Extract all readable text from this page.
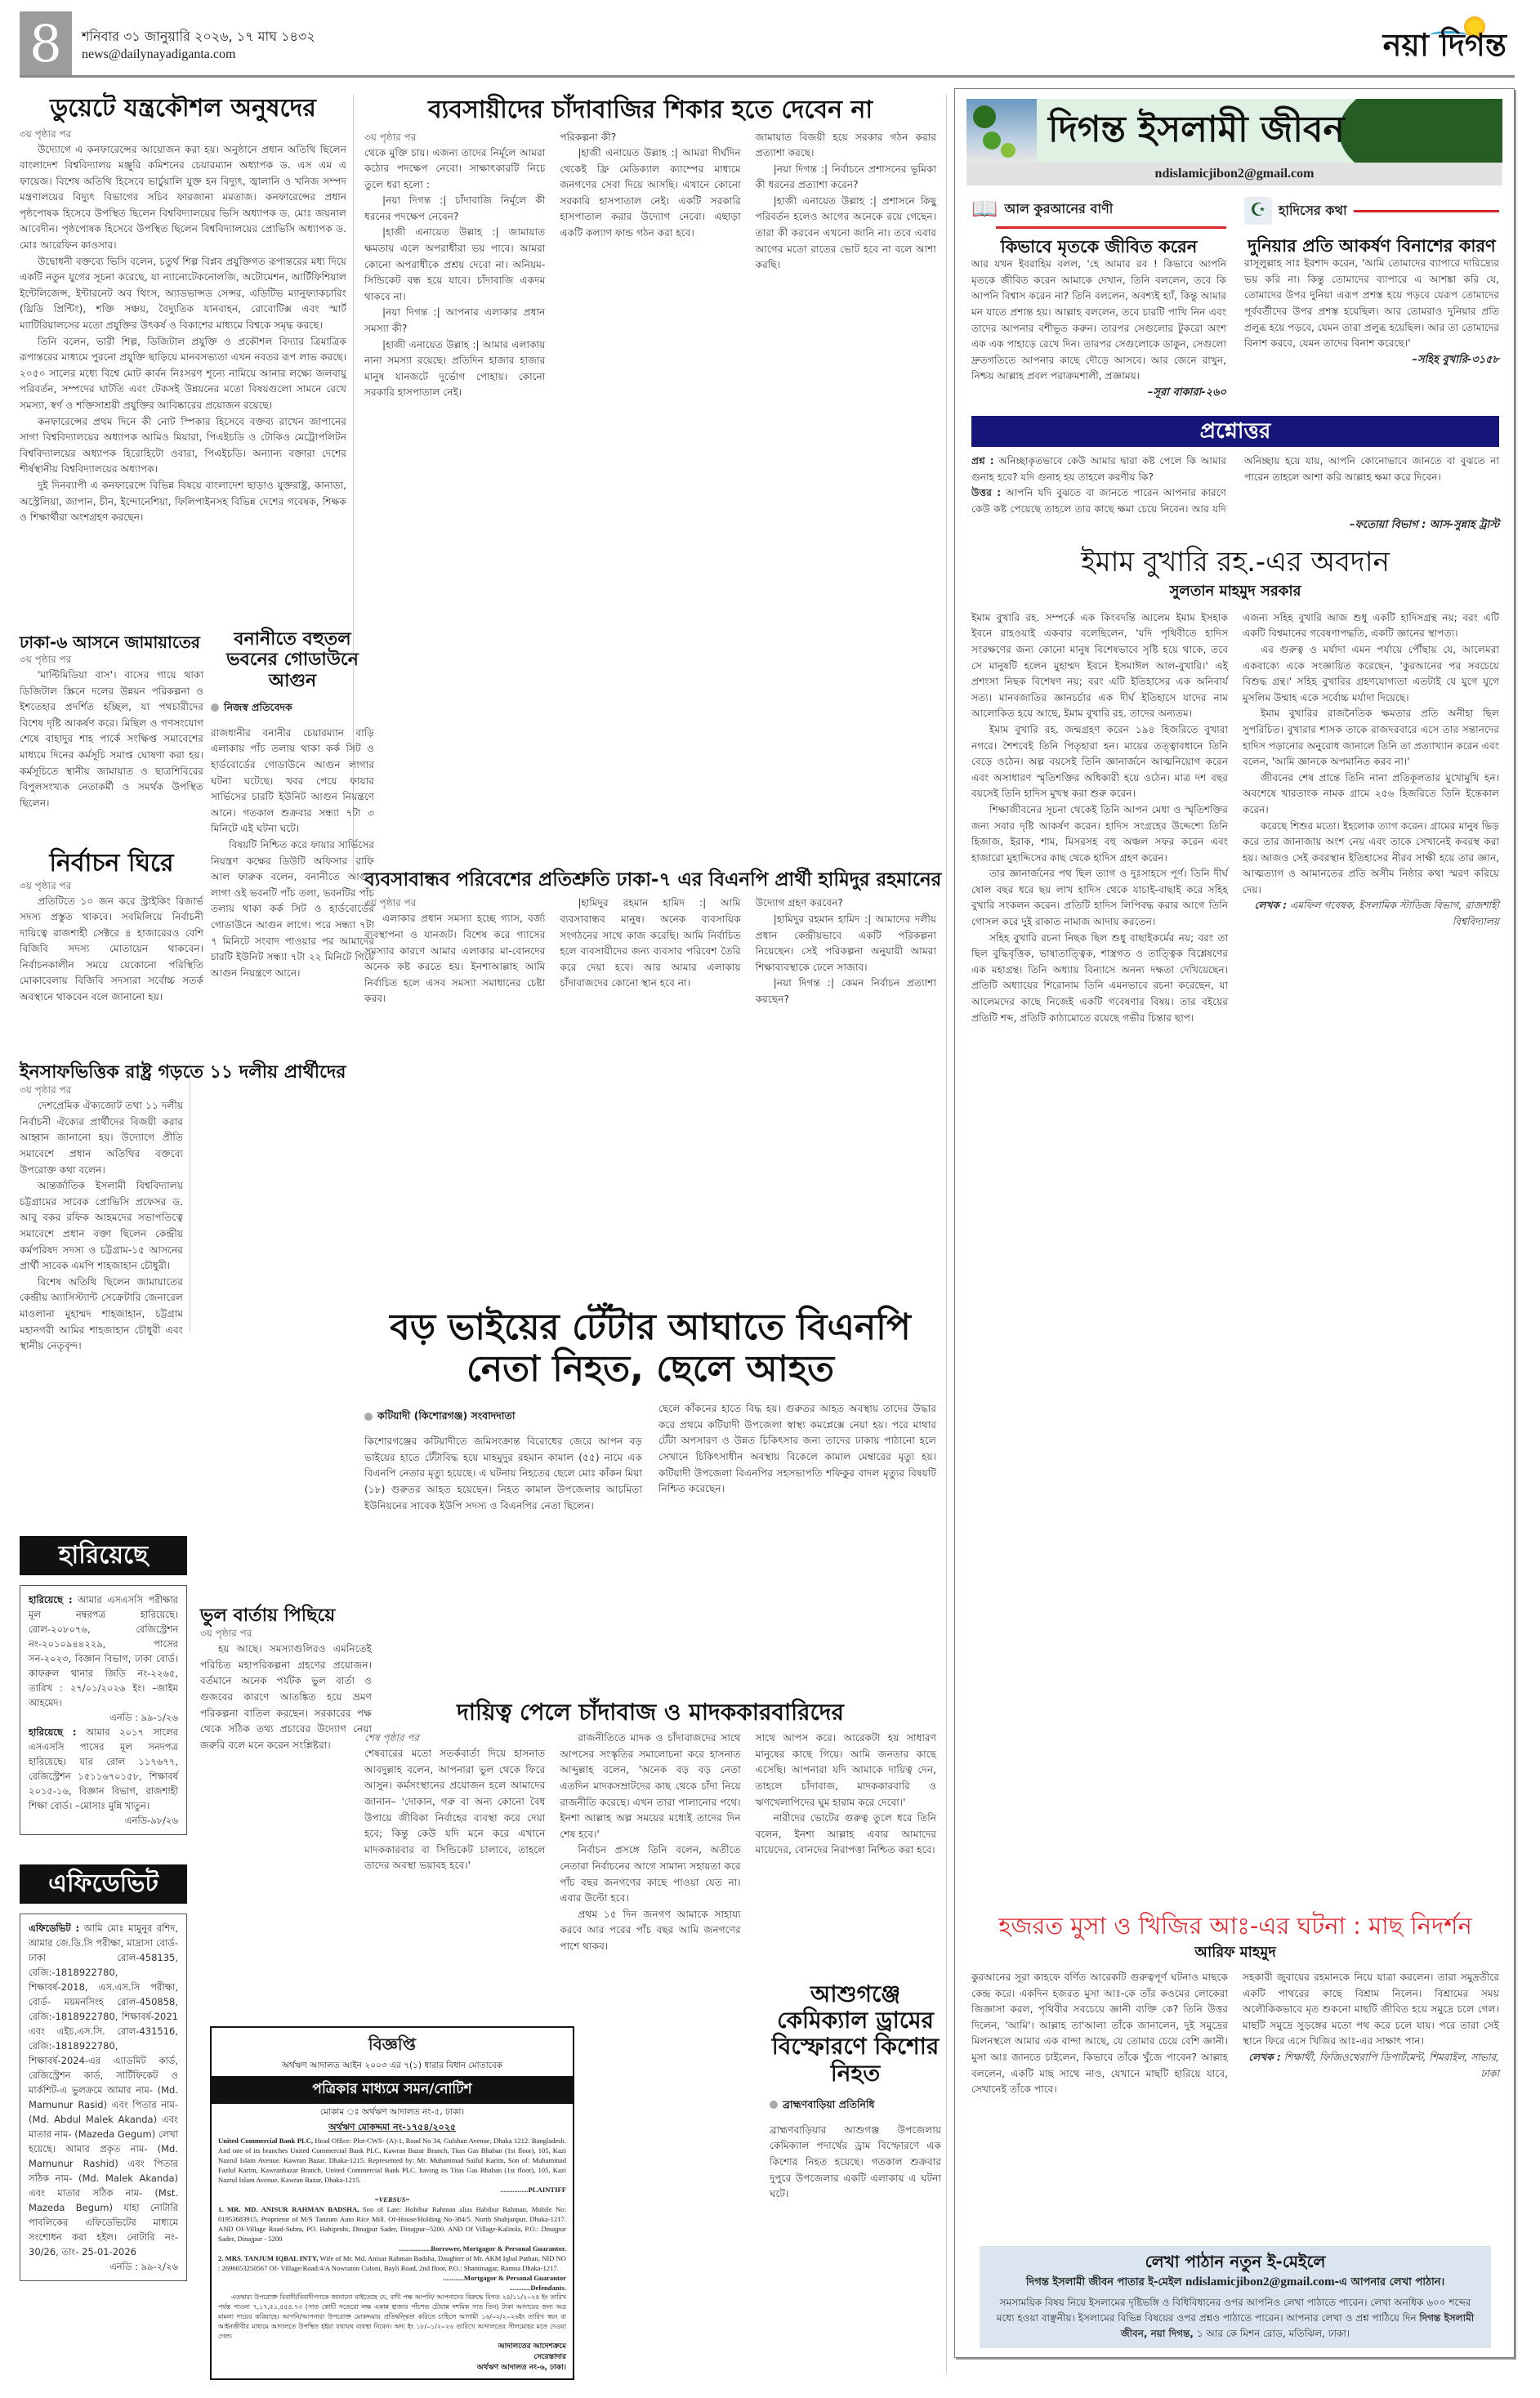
8	শনিবার ৩১ জানুয়ারি ২০২৬, ১৭ মাঘ ১৪৩২
news@dailynayadiganta.com	নয়া দিগন্ত
ডুয়েটে যন্ত্রকৌশল অনুষদের
৩য় পৃষ্ঠার পর

উদ্যোগে এ কনফারেন্সের আয়োজন করা হয়। অনুষ্ঠানে প্রধান অতিথি ছিলেন বাংলাদেশ বিশ্ববিদ্যালয় মঞ্জুরি কমিশনের চেয়ারম্যান অধ্যাপক ড. এস এম এ ফায়েজ। বিশেষ অতিথি হিসেবে ভার্চুয়ালি যুক্ত হন বিদ্যুৎ, জ্বালানি ও খনিজ সম্পদ মন্ত্রণালয়ের বিদ্যুৎ বিভাগের সচিব ফারজানা মমতাজ। কনফারেন্সের প্রধান পৃষ্ঠপোষক হিসেবে উপস্থিত ছিলেন বিশ্ববিদ্যালয়ের ভিসি অধ্যাপক ড. মোঃ জয়নাল আবেদীন। পৃষ্ঠপোষক হিসেবে উপস্থিত ছিলেন বিশ্ববিদ্যালয়ের প্রোভিসি অধ্যাপক ড. মোঃ আরেফিন কাওসার।

উদ্বোধনী বক্তব্যে ভিসি বলেন, চতুর্থ শিল্প বিপ্লব প্রযুক্তিগত রূপান্তরের মধ্য দিয়ে একটি নতুন যুগের সূচনা করেছে, যা ন্যানোটেকনোলজি, অটোমেশন, আর্টিফিশিয়াল ইন্টেলিজেন্স, ইন্টারনেট অব থিংস, অ্যাডভান্সড সেন্সর, এডিটিভ ম্যানুফ্যাকচারিং (থ্রিডি প্রিন্টিং), শক্তি সঞ্চয়, বৈদ্যুতিক যানবাহন, রোবোটিক্স এবং স্মার্ট ম্যাটিরিয়ালসের মতো প্রযুক্তির উৎকর্ষ ও বিকাশের মাধ্যমে বিশ্বকে সমৃদ্ধ করছে।

তিনি বলেন, ভারী শিল্প, ডিজিটাল প্রযুক্তি ও প্রকৌশল বিদ্যার ত্রিমাত্রিক রূপান্তরের মাধ্যমে পুরনো প্রযুক্তি ছাড়িয়ে মানবসভ্যতা এখন নবতর রূপ লাভ করছে। ২০৫০ সালের মধ্যে বিশ্বে মোট কার্বন নিঃসরণ শূন্যে নামিয়ে আনার লক্ষ্যে জলবায়ু পরিবর্তন, সম্পদের ঘাটতি এবং টেকসই উন্নয়নের মতো বিষয়গুলো সামনে রেখে সমস্যা, স্বর্ণ ও শক্তিসাশ্রয়ী প্রযুক্তির আবিষ্কারের প্রয়োজন রয়েছে।

কনফারেন্সের প্রথম দিনে কী নোট স্পিকার হিসেবে বক্তব্য রাখেন জাপানের সাগা বিশ্ববিদ্যালয়ের অধ্যাপক আমিও মিয়ারা, পিএইচডি ও টোকিও মেট্রোপলিটন বিশ্ববিদ্যালয়ের অধ্যাপক হিরোহিটো ওবারা, পিএইচডি। অন্যান্য বক্তারা দেশের শীর্ষস্থানীয় বিশ্ববিদ্যালয়ের অধ্যাপক।

দুই দিনব্যাপী এ কনফারেন্সে বিভিন্ন বিষয়ে বাংলাদেশ ছাড়াও যুক্তরাষ্ট্র, কানাডা, অস্ট্রেলিয়া, জাপান, চীন, ইন্দোনেশিয়া, ফিলিপাইনসহ বিভিন্ন দেশের গবেষক, শিক্ষক ও শিক্ষার্থীরা অংশগ্রহণ করছেন।

ঢাকা-৬ আসনে জামায়াতের
৩য় পৃষ্ঠার পর

'মাল্টিমিডিয়া বাস'। বাসের গায়ে থাকা ডিজিটাল স্ক্রিনে দলের উন্নয়ন পরিকল্পনা ও ইশতেহার প্রদর্শিত হচ্ছিল, যা পথচারীদের বিশেষ দৃষ্টি আকর্ষণ করে। মিছিল ও গণসংযোগ শেষে বাহাদুর শাহ পার্কে সংক্ষিপ্ত সমাবেশের মাধ্যমে দিনের কর্মসূচি সমাপ্ত ঘোষণা করা হয়। কর্মসূচিতে স্থানীয় জামায়াত ও ছাত্রশিবিরের বিপুলসংখ্যক নেতাকর্মী ও সমর্থক উপস্থিত ছিলেন।

বনানীতে বহুতল ভবনের গোডাউনে আগুন
নিজস্ব প্রতিবেদক

রাজধানীর বনানীর চেয়ারম্যান বাড়ি এলাকায় পাঁচ তলায় থাকা কর্ক সিট ও হার্ডবোর্ডের গোডাউনে আগুন লাগার ঘটনা ঘটেছে। খবর পেয়ে ফায়ার সার্ভিসের চারটি ইউনিট আগুন নিয়ন্ত্রণে আনে। গতকাল শুক্রবার সন্ধ্যা ৭টা ৩ মিনিটে এই ঘটনা ঘটে।

বিষয়টি নিশ্চিত করে ফায়ার সার্ভিসের নিয়ন্ত্রণ কক্ষের ডিউটি অফিসার রাফি আল ফারুক বলেন, বনানীতে আগুন লাগা ওই ভবনটি পাঁচ তলা, ভবনটির পাঁচ তলায় থাকা কর্ক সিট ও হার্ডবোর্ডের গোডাউনে আগুন লাগে। পরে সন্ধ্যা ৭টা ৭ মিনিটে সংবাদ পাওয়ার পর আমাদের চারটি ইউনিট সন্ধ্যা ৭টা ২২ মিনিটে গিয়ে আগুন নিয়ন্ত্রণে আনে।

নির্বাচন ঘিরে
৩য় পৃষ্ঠার পর

প্রতিটিতে ১০ জন করে স্ট্রাইকিং রিজার্ভ সদস্য প্রস্তুত থাকবে। সবমিলিয়ে নির্বাচনী দায়িত্বে রাজশাহী সেক্টরে ৪ হাজারেরও বেশি বিজিবি সদস্য মোতায়েন থাকবেন। নির্বাচনকালীন সময়ে যেকোনো পরিস্থিতি মোকাবেলায় বিজিবি সদস্যরা সর্বোচ্চ সতর্ক অবস্থানে থাকবেন বলে জানানো হয়।

ইনসাফভিত্তিক রাষ্ট্র গড়তে ১১ দলীয় প্রার্থীদের
৩য় পৃষ্ঠার পর

দেশপ্রেমিক ঐক্যজোট তথা ১১ দলীয় নির্বাচনী ঐক্যের প্রার্থীদের বিজয়ী করার আহ্বান জানানো হয়। উদ্যোগে প্রীতি সমাবেশে প্রধান অতিথির বক্তব্যে উপরোক্ত কথা বলেন।

আন্তর্জাতিক ইসলামী বিশ্ববিদ্যালয় চট্টগ্রামের সাবেক প্রোভিসি প্রফেসর ড. আবু বকর রফিক আহমদের সভাপতিত্বে সমাবেশে প্রধান বক্তা ছিলেন কেন্দ্রীয় কর্মপরিষদ সদস্য ও চট্টগ্রাম-১৫ আসনের প্রার্থী সাবেক এমপি শাহজাহান চৌধুরী।

বিশেষ অতিথি ছিলেন জামায়াতের কেন্দ্রীয় অ্যাসিস্ট্যান্ট সেক্রেটারি জেনারেল মাওলানা মুহাম্মদ শাহজাহান, চট্টগ্রাম মহানগরী আমির শাহজাহান চৌধুরী এবং স্থানীয় নেতৃবৃন্দ।

হারিয়েছে
হারিয়েছে : আমার এসএসসি পরীক্ষার মূল নম্বরপত্র হারিয়েছে। রোল-২০৮০৭৬, রেজিস্ট্রেশন নং-২০১০৯৪৪২২৯, পাসের সন-২০২৩, বিজ্ঞান বিভাগ, ঢাকা বোর্ড। কাফরুল থানার জিডি নং-২২৬৫, তারিখ : ২৭/০১/২০২৬ ইং। –জাইম আহমেদ।
এনডি : ৯৯-১/২৬
হারিয়েছে : আমার ২০১৭ সালের এসএসসি পাসের মূল সনদপত্র হারিয়েছে। যার রোল ১১৭৬৭৭, রেজিস্ট্রেশন ১৫১১৬৭০১৫৮, শিক্ষাবর্ষ ২০১৫-১৬, বিজ্ঞান বিভাগ, রাজশাহী শিক্ষা বোর্ড। –মোসাঃ মুন্নি খাতুন।
এনডি-৯৮/২৬
এফিডেভিট
এফিডেভিট : আমি মোঃ মামুনুর রশিদ, আমার জে.ডি.সি পরীক্ষা, মাদ্রাসা বোর্ড-ঢাকা রোল-458135, রেজি:-1818922780, শিক্ষাবর্ষ-2018, এস.এস.সি পরীক্ষা, বোর্ড- ময়মনসিংহ রোল-450858, রেজি:-1818922780, শিক্ষাবর্ষ-2021 এবং এইচ.এস.সি. রোল-431516, রেজি:-1818922780, শিক্ষাবর্ষ-2024-এর এ্যাডমিট কার্ড, রেজিস্ট্রেশন কার্ড, সার্টিফিকেট ও মার্কশিট-এ ভুলক্রমে আমার নাম- (Md. Mamunur Rasid) এবং পিতার নাম- (Md. Abdul Malek Akanda) এবং মাতার নাম- (Mazeda Gegum) লেখা হয়েছে। আমার প্রকৃত নাম- (Md. Mamunur Rashid) এবং পিতার সঠিক নাম- (Md. Malek Akanda) এবং মাতার সঠিক নাম- (Mst. Mazeda Begum) যাহা নোটারি পাবলিকের এফিডেভিটের মাধ্যমে সংশোধন করা হইল। নোটারি নং- 30/26, তাং- 25-01-2026
এনডি : ৯৯-২/২৬
ভুল বার্তায় পিছিয়ে
৩য় পৃষ্ঠার পর

হয় আছে। সমস্যাগুলিরও এমনিতেই পরিচিত মহাপরিকল্পনা গ্রহণের প্রয়োজন। বর্তমানে অনেক পর্যটক ভুল বার্তা ও গুজবের কারণে আতঙ্কিত হয়ে ভ্রমণ পরিকল্পনা বাতিল করছেন। সরকারের পক্ষ থেকে সঠিক তথ্য প্রচারের উদ্যোগ নেয়া জরুরি বলে মনে করেন সংশ্লিষ্টরা।

ব্যবসায়ীদের চাঁদাবাজির শিকার হতে দেবেন না
৩য় পৃষ্ঠার পর

থেকে মুক্তি চায়। এজন্য তাদের নির্মূলে আমরা কঠোর পদক্ষেপ নেবো। সাক্ষাৎকারটি নিচে তুলে ধরা হলো :

|নয়া দিগন্ত :| চাঁদাবাজি নির্মূলে কী ধরনের পদক্ষেপ নেবেন?

|হাজী এনায়েত উল্লাহ :| জামায়াত ক্ষমতায় এলে অপরাধীরা ভয় পাবে। আমরা কোনো অপরাধীকে প্রশ্রয় দেবো না। অনিয়ম-সিন্ডিকেট বন্ধ হয়ে যাবে। চাঁদাবাজি একদম থাকবে না।

|নয়া দিগন্ত :| আপনার এলাকার প্রধান সমস্যা কী?

|হাজী এনায়েত উল্লাহ :| আমার এলাকায় নানা সমস্যা রয়েছে। প্রতিদিন হাজার হাজার মানুষ যানজটে দুর্ভোগ পোহায়। কোনো সরকারি হাসপাতাল নেই।

পরিকল্পনা কী?

|হাজী এনায়েত উল্লাহ :| আমরা দীর্ঘদিন থেকেই ফ্রি মেডিক্যাল ক্যাম্পের মাধ্যমে জনগণের সেবা দিয়ে আসছি। এখানে কোনো সরকারি হাসপাতাল নেই। একটি সরকারি হাসপাতাল করার উদ্যোগ নেবো। এছাড়া একটি কল্যাণ ফান্ড গঠন করা হবে।

জামায়াত বিজয়ী হয়ে সরকার গঠন করার প্রত্যাশা করছে।

|নয়া দিগন্ত :| নির্বাচনে প্রশাসনের ভূমিকা কী ধরনের প্রত্যাশা করেন?

|হাজী এনায়েত উল্লাহ :| প্রশাসনে কিছু পরিবর্তন হলেও আগের অনেকে রয়ে গেছেন। তারা কী করবেন এখনো জানি না। তবে এবার আগের মতো রাতের ভোট হবে না বলে আশা করছি।

ব্যবসাবান্ধব পরিবেশের প্রতিশ্রুতি ঢাকা-৭ এর বিএনপি প্রার্থী হামিদুর রহমানের
৩য় পৃষ্ঠার পর

এলাকার প্রধান সমস্যা হচ্ছে গ্যাস, বর্জ্য ব্যবস্থাপনা ও যানজট। বিশেষ করে গ্যাসের সমস্যার কারণে আমার এলাকার মা-বোনদের অনেক কষ্ট করতে হয়। ইনশাআল্লাহ আমি নির্বাচিত হলে এসব সমস্যা সমাধানের চেষ্টা করব।

|হামিদুর রহমান হামিদ :| আমি ব্যবসাবান্ধব মানুষ। অনেক ব্যবসায়িক সংগঠনের সাথে কাজ করেছি। আমি নির্বাচিত হলে ব্যবসায়ীদের জন্য ব্যবসার পরিবেশ তৈরি করে দেয়া হবে। আর আমার এলাকায় চাঁদাবাজদের কোনো স্থান হবে না।

উদ্যোগ গ্রহণ করবেন?

|হামিদুর রহমান হামিদ :| আমাদের দলীয় প্রধান কেন্দ্রীয়ভাবে একটি পরিকল্পনা নিয়েছেন। সেই পরিকল্পনা অনুযায়ী আমরা শিক্ষাব্যবস্থাকে ঢেলে সাজাব।

|নয়া দিগন্ত :| কেমন নির্বাচন প্রত্যাশা করছেন?

বড় ভাইয়ের টেঁটার আঘাতে বিএনপি
নেতা নিহত, ছেলে আহত
কটিয়াদী (কিশোরগঞ্জ) সংবাদদাতা

কিশোরগঞ্জের কটিয়াদীতে জমিসংক্রান্ত বিরোধের জেরে আপন বড় ভাইয়ের হাতে টেঁটাবিদ্ধ হয়ে মাহমুদুর রহমান কামাল (৫৫) নামে এক বিএনপি নেতার মৃত্যু হয়েছে। এ ঘটনায় নিহতের ছেলে মোঃ কাঁকন মিয়া (১৮) গুরুতর আহত হয়েছেন। নিহত কামাল উপজেলার আচমিতা ইউনিয়নের সাবেক ইউপি সদস্য ও বিএনপির নেতা ছিলেন।

ছেলে কাঁকনের হাতে বিদ্ধ হয়। গুরুতর আহত অবস্থায় তাদের উদ্ধার করে প্রথমে কটিয়াদী উপজেলা স্বাস্থ্য কমপ্লেক্সে নেয়া হয়। পরে মাথার টেঁটা অপসারণ ও উন্নত চিকিৎসার জন্য তাদের ঢাকায় পাঠানো হলে সেখানে চিকিৎসাধীন অবস্থায় বিকেলে কামাল মেম্বারের মৃত্যু হয়। কটিয়াদী উপজেলা বিএনপির সহসভাপতি শফিকুর বাদল মৃত্যুর বিষয়টি নিশ্চিত করেছেন।

দায়িত্ব পেলে চাঁদাবাজ ও মাদককারবারিদের
শেষ পৃষ্ঠার পর

শেষবারের মতো সতর্কবার্তা দিয়ে হাসনাত আবদুল্লাহ বলেন, আপনারা ভুল থেকে ফিরে আসুন। কর্মসংস্থানের প্রয়োজন হলে আমাদের জানান– 'দোকান, গরু বা অন্য কোনো বৈধ উপায়ে জীবিকা নির্বাহের ব্যবস্থা করে দেয়া হবে; কিন্তু কেউ যদি মনে করে এখানে মাদককারবার বা সিন্ডিকেট চালাবে, তাহলে তাদের অবস্থা ভয়াবহ হবে।'

রাজনীতিতে মাদক ও চাঁদাবাজদের সাথে আপসের সংস্কৃতির সমালোচনা করে হাসনাত আব্দুল্লাহ বলেন, 'অনেক বড় বড় নেতা এতদিন মাদকসম্রাটদের কাছ থেকে চাঁদা নিয়ে রাজনীতি করেছে। এখন তারা পালানোর পথে। ইনশা আল্লাহ অল্প সময়ের মধ্যেই তাদের দিন শেষ হবে।'

নির্বাচন প্রসঙ্গে তিনি বলেন, অতীতে নেতারা নির্বাচনের আগে সামান্য সহায়তা করে পাঁচ বছর জনগণের কাছে পাওয়া যেত না। এবার উল্টো হবে।

প্রথম ১৫ দিন জনগণ আমাকে সাহায্য করবে আর পরের পাঁচ বছর আমি জনগণের পাশে থাকব।

সাথে আপস করে। আরেকটা হয় সাধারণ মানুষের কাছে গিয়ে। আমি জনতার কাছে এসেছি। আপনারা যদি আমাকে দায়িত্ব দেন, তাহলে চাঁদাবাজ, মাদককারবারি ও ঋণখেলাপিদের ঘুম হারাম করে দেবো।'

নারীদের ভোটের গুরুত্ব তুলে ধরে তিনি বলেন, ইনশা আল্লাহ এবার আমাদের মায়েদের, বোনদের নিরাপত্তা নিশ্চিত করা হবে।

আশুগঞ্জে কেমিক্যাল ড্রামের বিস্ফোরণে কিশোর নিহত
ব্রাহ্মণবাড়িয়া প্রতিনিধি

ব্রাহ্মণবাড়িয়ার আশুগঞ্জ উপজেলায় কেমিক্যাল পদার্থের ড্রাম বিস্ফোরণে এক কিশোর নিহত হয়েছে। গতকাল শুক্রবার দুপুরে উপজেলার একটি এলাকায় এ ঘটনা ঘটে।

বিজ্ঞপ্তি
অর্থঋণ আদালত আইন ২০০৩ এর ৭(১) ধারার বিধান মোতাবেক
পত্রিকার মাধ্যমে সমন/নোটিশ
মোকাম ঃ অর্থঋণ আদালত নং-৫, ঢাকা।
অর্থঋণ মোকদ্দমা নং-১৭৫৪/২০২৫
United Commercial Bank PLC, Head Office: Plot-CWS- (A)-1, Road No 34, Gulshan Avenue, Dhaka 1212. Bangladesh. And one of its branches United Commercial Bank PLC, Kawran Bazar Branch, Titas Gas Bhaban (1st floor), 105, Kazi Nazrul Islam Avenue. Kawran Bazar. Dhaka-1215. Represented by: Mr. Muhammad Saiful Karim, Son of: Muhammad Fazlul Karim, Kawranbazar Branch, United Commercial Bank PLC. having its Titas Gas Bhaban (1st floor), 105, Kazi Nazrul Islam Avenue, Kawran Bazar, Dhaka-1215.
................PLAINTIFF
=VERSUS=
1. MR. MD. ANISUR RAHMAN BADSHA, Son of Late: Hobibur Rahman alias Habibur Rahman, Mobile No: 01953683915, Proprietor of M/S Tanzum Auto Rice Mill. Of-House/Holding No-384/5. North Shahjanpur, Dhaka-1217. AND Of-Village Road-Subra, PO. Hahiprohi, Dinajpur Sader, Dinajpur--5200. AND Of Village-Kalitola, P.O.: Dinajpur Sader, Dinajpur - 5200
..................Borrower, Mortgagor & Personal Guarantor.
2. MRS. TANJUM IQBAL INTY, Wife of Mr. Md. Anisur Rahman Badsha, Daughter of Mr. AKM Iqbal Pathan, NID NO : 2696653250567 Of- Village/Road:4/A Nowraton Culoni, Bayli Road, 2nd floor, P.O.: Shantinagar, Ramna Dhaka-1217.
............Mortgagor & Personal Guarantor
............Defendants.
এতদ্বারা উপরোক্ত বিবাদী/বিবাদীগণকে জানানো যাইতেছে যে, বাদী পক্ষ আপনি/ আপনাদের বিরুদ্ধে বিগত ২৪/১১/২০২৫ ইং তারিখ পর্যন্ত পাওনা ৭,১৭,৫১,৫৫৪.৭৩ (সাত কোটি সতেরো লক্ষ একান্ন হাজার পাঁচশত চৌয়ান্ন দশমিক সাত তিন) টাকা আদায়ের জন্য অত্র মামলা দায়ের করিয়াছে। আপনি/আপনারা উপরোক্ত মোকদ্দমায় প্রতিদ্বন্দ্বিতা করিতে চাহিলে আগামী ১৬/০২/২০২৬ইং তারিখ স্বয়ং বা আইনজীবীর মাধ্যমে আদালতে উপস্থিত হইয়া যথাযথ ব্যবস্থা নিবেন। অদ্য ইং ১৮/০১/২০২৬ তারিখে আদালতের সীলমোহর মতে দেওয়া গেল।
আদালতের আদেশক্রমে
সেরেস্তাদার
অর্থঋণ আদালত নং-৬, ঢাকা।
দিগন্ত ইসলামী জীবন
ndislamicjibon2@gmail.com
📖 আল কুরআনের বাণী
কিভাবে মৃতকে জীবিত করেন
আর যখন ইবরাহিম বলল, 'হে আমার রব ! কিভাবে আপনি মৃতকে জীবিত করেন আমাকে দেখান, তিনি বললেন, তবে কি আপনি বিশ্বাস করেন না? তিনি বললেন, অবশ্যই হ্যাঁ, কিন্তু আমার মন যাতে প্রশান্ত হয়। আল্লাহ বললেন, তবে চারটি পাখি নিন এবং তাদের আপনার বশীভূত করুন। তারপর সেগুলোর টুকরো অংশ এক এক পাহাড়ে রেখে দিন। তারপর সেগুলোকে ডাকুন, সেগুলো দ্রুতগতিতে আপনার কাছে দৌড়ে আসবে। আর জেনে রাখুন, নিশ্চয় আল্লাহ প্রবল পরাক্রমশালী, প্রজ্ঞাময়।
–সূরা বাকারা-২৬০
☪ হাদিসের কথা
দুনিয়ার প্রতি আকর্ষণ বিনাশের কারণ
রাসূলুল্লাহ সাঃ ইরশাদ করেন, 'আমি তোমাদের ব্যাপারে দারিদ্র্যের ভয় করি না। কিন্তু তোমাদের ব্যাপারে এ আশঙ্কা করি যে, তোমাদের উপর দুনিয়া এরূপ প্রশস্ত হয়ে পড়বে যেরূপ তোমাদের পূর্ববর্তীদের উপর প্রশস্ত হয়েছিল। আর তোমরাও দুনিয়ার প্রতি প্রলুব্ধ হয়ে পড়বে, যেমন তারা প্রলুব্ধ হয়েছিল। আর তা তোমাদের বিনাশ করবে, যেমন তাদের বিনাশ করেছে।'
–সহিহ বুখারি-৩১৫৮
প্রশ্নোত্তর
প্রশ্ন : অনিচ্ছাকৃতভাবে কেউ আমার দ্বারা কষ্ট পেলে কি আমার গুনাহ হবে? যদি গুনাহ হয় তাহলে করণীয় কি?
উত্তর : আপনি যদি বুঝতে বা জানতে পারেন আপনার কারণে কেউ কষ্ট পেয়েছে তাহলে তার কাছে ক্ষমা চেয়ে নিবেন। আর যদি অনিচ্ছায় হয়ে যায়, আপনি কোনোভাবে জানতে বা বুঝতে না পারেন তাহলে আশা করি আল্লাহ ক্ষমা করে দিবেন।
–ফতোয়া বিভাগ : আস-সুন্নাহ ট্রাস্ট
ইমাম বুখারি রহ.-এর অবদান
সুলতান মাহমুদ সরকার

ইমাম বুখারি রহ. সম্পর্কে এক কিংবদন্তি আলেম ইমাম ইসহাক ইবনে রাহওয়াই একবার বলেছিলেন, 'যদি পৃথিবীতে হাদিস সংরক্ষণের জন্য কোনো মানুষ বিশেষভাবে সৃষ্টি হয়ে থাকে, তবে সে মানুষটি হলেন মুহাম্মদ ইবনে ইসমাঈল আল-বুখারি।' এই প্রশংসা নিছক বিশেষণ নয়; বরং এটি ইতিহাসের এক অনিবার্য সত্য। মানবজাতির জ্ঞানচর্চার এক দীর্ঘ ইতিহাসে যাদের নাম আলোকিত হয়ে আছে, ইমাম বুখারি রহ. তাদের অন্যতম।

ইমাম বুখারি রহ. জন্মগ্রহণ করেন ১৯৪ হিজরিতে বুখারা নগরে। শৈশবেই তিনি পিতৃহারা হন। মায়ের তত্ত্বাবধানে তিনি বেড়ে ওঠেন। অল্প বয়সেই তিনি জ্ঞানার্জনে আত্মনিয়োগ করেন এবং অসাধারণ স্মৃতিশক্তির অধিকারী হয়ে ওঠেন। মাত্র দশ বছর বয়সেই তিনি হাদিস মুখস্থ করা শুরু করেন।

শিক্ষাজীবনের সূচনা থেকেই তিনি আপন মেধা ও স্মৃতিশক্তির জন্য সবার দৃষ্টি আকর্ষণ করেন। হাদিস সংগ্রহের উদ্দেশ্যে তিনি হিজাজ, ইরাক, শাম, মিসরসহ বহু অঞ্চল সফর করেন এবং হাজারো মুহাদ্দিসের কাছ থেকে হাদিস গ্রহণ করেন।

তার জ্ঞানার্জনের পথ ছিল ত্যাগ ও দুঃসাহসে পূর্ণ। তিনি দীর্ঘ ষোল বছর ধরে ছয় লাখ হাদিস থেকে যাচাই-বাছাই করে সহিহ বুখারি সংকলন করেন। প্রতিটি হাদিস লিপিবদ্ধ করার আগে তিনি গোসল করে দুই রাকাত নামাজ আদায় করতেন।

সহিহ বুখারি রচনা নিছক ছিল শুধু বাছাইকর্মের নয়; বরং তা ছিল বুদ্ধিবৃত্তিক, ভাষাতাত্ত্বিক, শাস্ত্রগত ও তাত্ত্বিক বিশ্লেষণের এক মহাগ্রন্থ। তিনি অধ্যায় বিন্যাসে অনন্য দক্ষতা দেখিয়েছেন। প্রতিটি অধ্যায়ের শিরোনাম তিনি এমনভাবে রচনা করেছেন, যা আলেমদের কাছে নিজেই একটি গবেষণার বিষয়। তার বইয়ের প্রতিটি শব্দ, প্রতিটি কাঠামোতে রয়েছে গভীর চিন্তার ছাপ।

এজন্য সহিহ বুখারি আজ শুধু একটি হাদিসগ্রন্থ নয়; বরং এটি একটি বিশ্বমানের গবেষণাপদ্ধতি, একটি জ্ঞানের স্থাপত্য।

এর গুরুত্ব ও মর্যাদা এমন পর্যায়ে পৌঁছায় যে, আলেমরা একবাক্যে একে সংজ্ঞায়িত করেছেন, 'কুরআনের পর সবচেয়ে বিশুদ্ধ গ্রন্থ।' সহিহ বুখারির গ্রহণযোগ্যতা এতটাই যে যুগে যুগে মুসলিম উম্মাহ একে সর্বোচ্চ মর্যাদা দিয়েছে।

ইমাম বুখারির রাজনৈতিক ক্ষমতার প্রতি অনীহা ছিল সুপরিচিত। বুখারার শাসক তাকে রাজদরবারে এসে তার সন্তানদের হাদিস পড়ানোর অনুরোধ জানালে তিনি তা প্রত্যাখ্যান করেন এবং বলেন, 'আমি জ্ঞানকে অপমানিত করব না।'

জীবনের শেষ প্রান্তে তিনি নানা প্রতিকূলতার মুখোমুখি হন। অবশেষে খারতাংক নামক গ্রামে ২৫৬ হিজরিতে তিনি ইন্তেকাল করেন।

করেছে শিশুর মতো। ইহলোক ত্যাগ করেন। গ্রামের মানুষ ভিড় করে তার জানাজায় অংশ নেয় এবং তাকে সেখানেই কবরস্থ করা হয়। আজও সেই কবরস্থান ইতিহাসের নীরব সাক্ষী হয়ে তার জ্ঞান, আত্মত্যাগ ও আমানতের প্রতি অসীম নিষ্ঠার কথা স্মরণ করিয়ে দেয়।

লেখক : এমফিল গবেষক, ইসলামিক স্টাডিজ বিভাগ, রাজশাহী বিশ্ববিদ্যালয়
হজরত মুসা ও খিজির আঃ-এর ঘটনা : মাছ নিদর্শন
আরিফ মাহমুদ

কুরআনের সূরা কাহফে বর্ণিত আরেকটি গুরুত্বপূর্ণ ঘটনাও মাছকে কেন্দ্র করে। একদিন হজরত মুসা আঃ-কে তাঁর কওমের লোকেরা জিজ্ঞাসা করল, পৃথিবীর সবচেয়ে জ্ঞানী ব্যক্তি কে? তিনি উত্তর দিলেন, 'আমি'। আল্লাহ তা'আলা তাঁকে জানালেন, দুই সমুদ্রের মিলনস্থলে আমার এক বান্দা আছে, যে তোমার চেয়ে বেশি জ্ঞানী। মুসা আঃ জানতে চাইলেন, কিভাবে তাঁকে খুঁজে পাবেন? আল্লাহ বললেন, একটি মাছ সাথে নাও, যেখানে মাছটি হারিয়ে যাবে, সেখানেই তাঁকে পাবে।

সহকারী জুবায়ের রহমানকে নিয়ে যাত্রা করলেন। তারা সমুদ্রতীরে একটি পাথরের কাছে বিশ্রাম নিলেন। বিশ্রামের সময় অলৌকিকভাবে মৃত শুকনো মাছটি জীবিত হয়ে সমুদ্রে চলে গেল। মাছটি সমুদ্রে সুড়ঙ্গের মতো পথ করে চলে যায়। পরে তারা সেই স্থানে ফিরে এসে খিজির আঃ-এর সাক্ষাৎ পান।

লেখক : শিক্ষার্থী, ফিজিওথেরাপি ডিপার্টমেন্ট, শিমরাইল, সাভার, ঢাকা
লেখা পাঠান নতুন ই-মেইলে
দিগন্ত ইসলামী জীবন পাতার ই-মেইল ndislamicjibon2@gmail.com-এ আপনার লেখা পাঠান।
সমসাময়িক বিষয় নিয়ে ইসলামের দৃষ্টিভঙ্গি ও বিধিবিধানের ওপর আপনিও লেখা পাঠাতে পারেন। লেখা অনধিক ৬০০ শব্দের মধ্যে হওয়া বাঞ্ছনীয়। ইসলামের বিভিন্ন বিষয়ের ওপর প্রশ্নও পাঠাতে পারেন। আপনার লেখা ও প্রশ্ন পাঠিয়ে দিন দিগন্ত ইসলামী জীবন, নয়া দিগন্ত, ১ আর কে মিশন রোড, মতিঝিল, ঢাকা।
